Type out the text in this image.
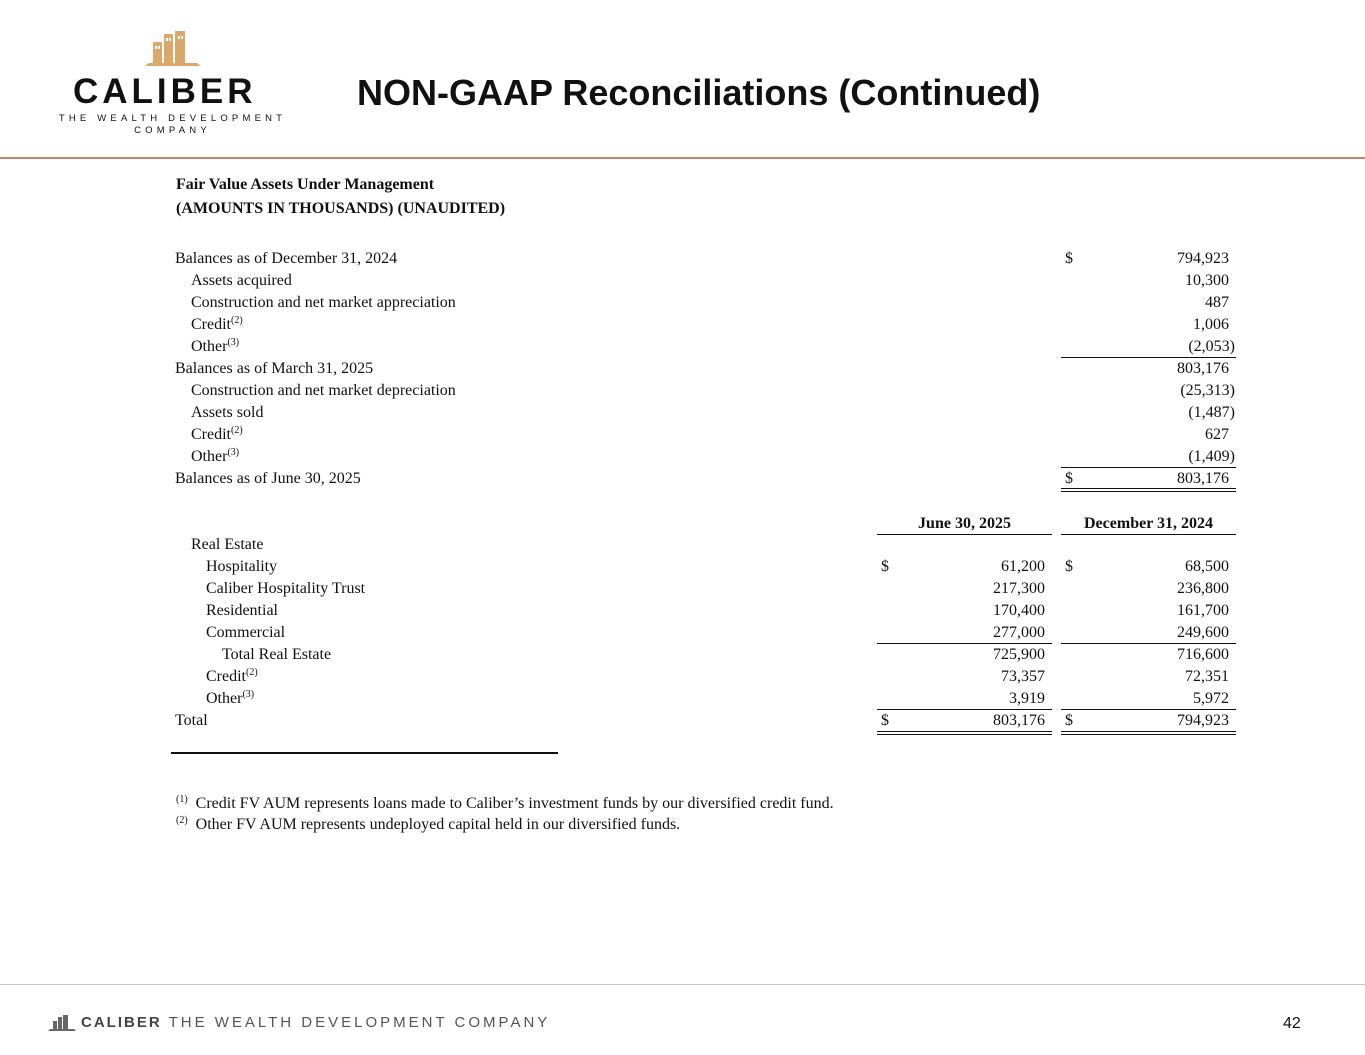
CALIBER
THE WEALTH DEVELOPMENT COMPANY
NON-GAAP Reconciliations (Continued)
Fair Value Assets Under Management
(AMOUNTS IN THOUSANDS) (UNAUDITED)
Balances as of December 31, 2024	$	794,923
Assets acquired	10,300
Construction and net market appreciation	487
Credit$^{(2)}$	1,006
Other$^{(3)}$	(2,053)
Balances as of March 31, 2025	803,176
Construction and net market depreciation	(25,313)
Assets sold	(1,487)
Credit$^{(2)}$	627
Other$^{(3)}$	(1,409)
Balances as of June 30, 2025	$	803,176
June 30, 2025	December 31, 2024
Real Estate
Hospitality	$	61,200 $	68,500
Caliber Hospitality Trust	217,300	236,800
Residential	170,400	161,700
Commercial	277,000	249,600
Total Real Estate	725,900	716,600
Credit$^{(2)}$	73,357	72,351
Other$^{(3)}$	3,919	5,972
Total	$	803,176 $	794,923
$^{(1)}$ Credit FV AUM represents loans made to Caliber’s investment funds by our diversified credit fund.
$^{(2)}$ Other FV AUM represents undeployed capital held in our diversified funds.
CALIBER THE WEALTH DEVELOPMENT COMPANY	42
